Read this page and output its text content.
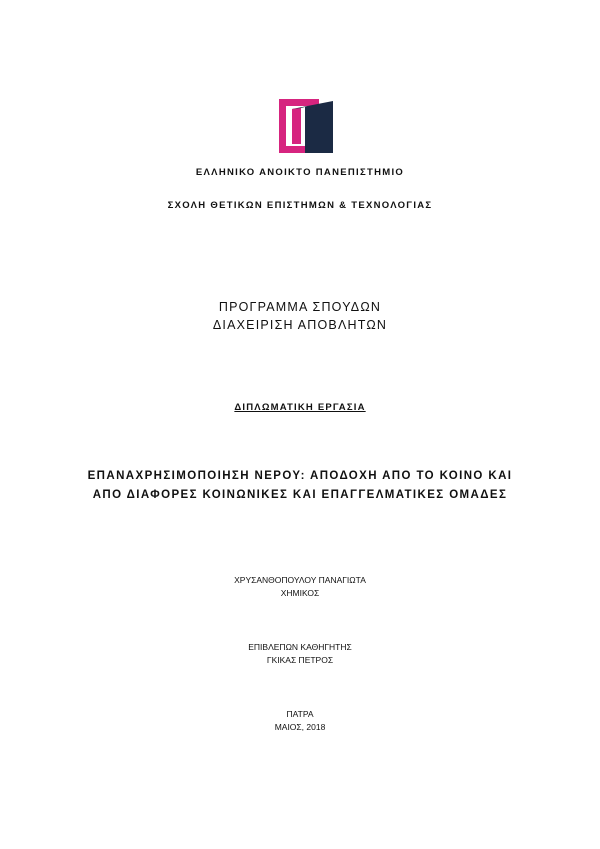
ΕΛΛΗΝΙΚΟ ΑΝΟΙΚΤΟ ΠΑΝΕΠΙΣΤΗΜΙΟ
ΣΧΟΛΗ ΘΕΤΙΚΩΝ ΕΠΙΣΤΗΜΩΝ & ΤΕΧΝΟΛΟΓΙΑΣ
ΠΡΟΓΡΑΜΜΑ ΣΠΟΥΔΩΝ
ΔΙΑΧΕΙΡΙΣΗ ΑΠΟΒΛΗΤΩΝ
ΔΙΠΛΩΜΑΤΙΚΗ ΕΡΓΑΣΙΑ
ΕΠΑΝΑΧΡΗΣΙΜΟΠΟΙΗΣΗ ΝΕΡΟΥ: ΑΠΟΔΟΧΗ ΑΠΟ ΤΟ ΚΟΙΝΟ ΚΑΙ
ΑΠΟ ΔΙΑΦΟΡΕΣ ΚΟΙΝΩΝΙΚΕΣ ΚΑΙ ΕΠΑΓΓΕΛΜΑΤΙΚΕΣ ΟΜΑΔΕΣ
ΧΡΥΣΑΝΘΟΠΟΥΛΟΥ ΠΑΝΑΓΙΩΤΑ
ΧΗΜΙΚΟΣ
ΕΠΙΒΛΕΠΩΝ ΚΑΘΗΓΗΤΗΣ
ΓΚΙΚΑΣ ΠΕΤΡΟΣ
ΠΑΤΡΑ
ΜΑΙΟΣ, 2018
